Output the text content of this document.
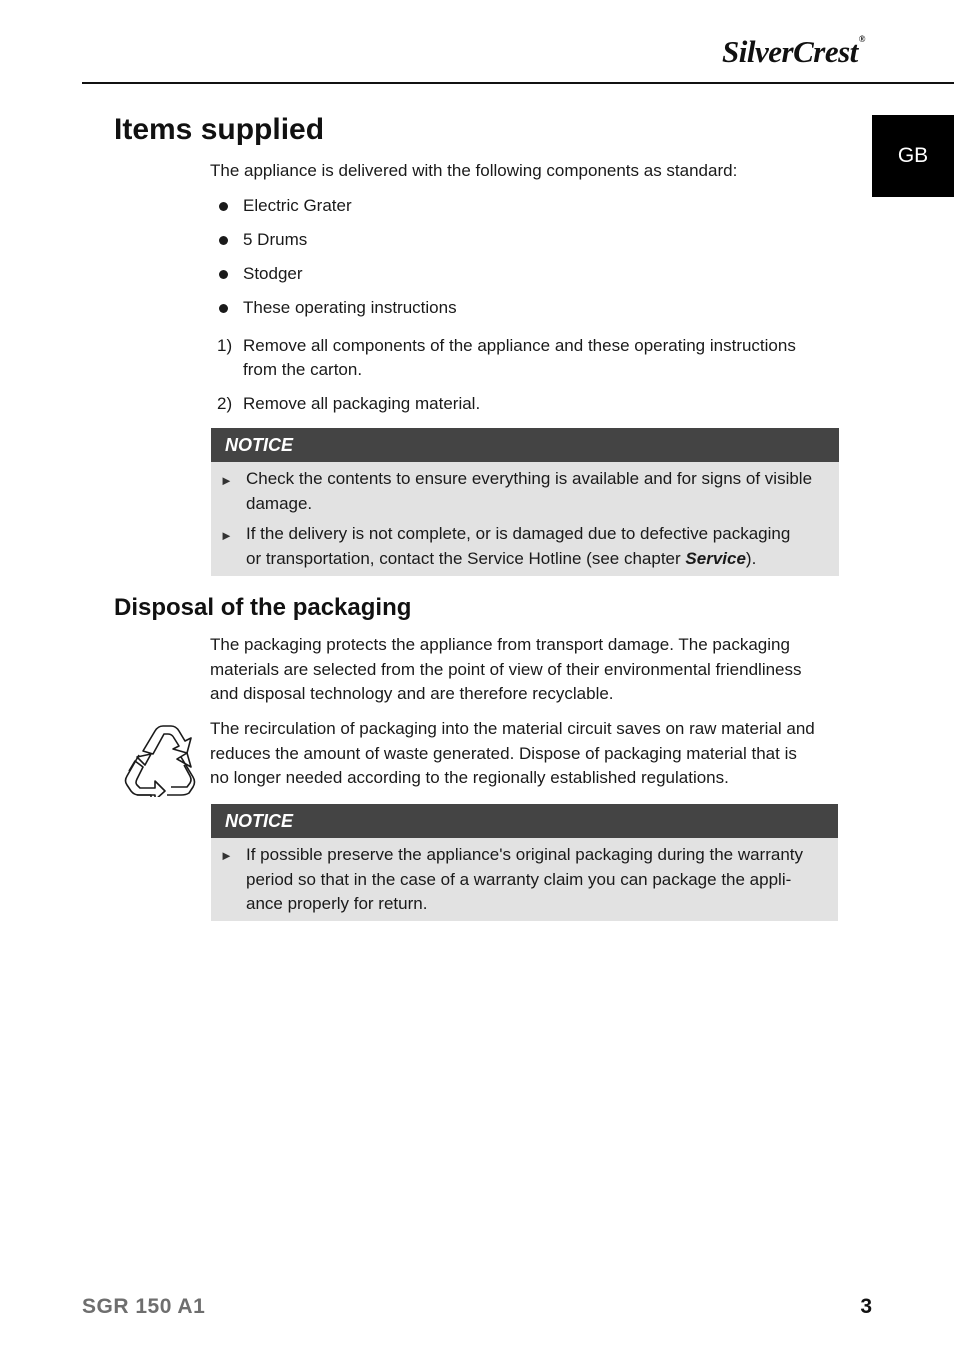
SilverCrest®
GB
Items supplied
The appliance is delivered with the following components as standard:
Electric Grater
5 Drums
Stodger
These operating instructions
1) Remove all components of the appliance and these operating instructions
from the carton.
2) Remove all packaging material.
NOTICE
► Check the contents to ensure everything is available and for signs of visible
damage.
► If the delivery is not complete, or is damaged due to defective packaging
or transportation, contact the Service Hotline (see chapter Service).
Disposal of the packaging
The packaging protects the appliance from transport damage. The packaging
materials are selected from the point of view of their environmental friendliness
and disposal technology and are therefore recyclable.
The recirculation of packaging into the material circuit saves on raw material and
reduces the amount of waste generated. Dispose of packaging material that is
no longer needed according to the regionally established regulations.
NOTICE
► If possible preserve the appliance's original packaging during the warranty
period so that in the case of a warranty claim you can package the appli-
ance properly for return.
SGR 150 A1	3
